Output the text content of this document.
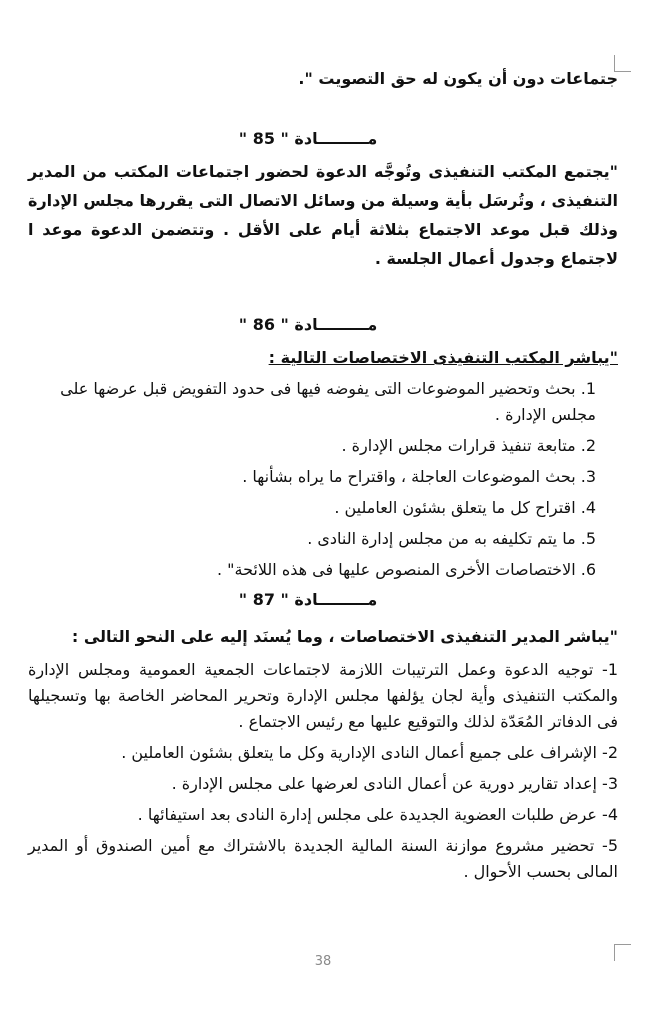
جتماعات دون أن يكون له حق التصويت ".

مـــــــــادة " 85 "

"يجتمع المكتب التنفيذى وتُوجَّه الدعوة لحضور اجتماعات المكتب من المدير التنفيذى ، وتُرسَل بأية وسيلة من وسائل الاتصال التى يقررها مجلس الإدارة وذلك قبل موعد الاجتماع بثلاثة أيام على الأقل . وتتضمن الدعوة موعد ا لاجتماع وجدول أعمال الجلسة .

مـــــــــادة " 86 "

"يباشر المكتب التنفيذى الاختصاصات التالية :

1. بحث وتحضير الموضوعات التى يفوضه فيها فى حدود التفويض قبل عرضها على مجلس الإدارة .
2. متابعة تنفيذ قرارات مجلس الإدارة .
3. بحث الموضوعات العاجلة ، واقتراح ما يراه بشأنها .
4. اقتراح كل ما يتعلق بشئون العاملين .
5. ما يتم تكليفه به من مجلس إدارة النادى .
6. الاختصاصات الأخرى المنصوص عليها فى هذه اللائحة" .

مـــــــــادة " 87 "

"يباشر المدير التنفيذى الاختصاصات ، وما يُسنَد إليه على النحو التالى :

1- توجيه الدعوة وعمل الترتيبات اللازمة لاجتماعات الجمعية العمومية ومجلس الإدارة والمكتب التنفيذى وأية لجان يؤلفها مجلس الإدارة وتحرير المحاضر الخاصة بها وتسجيلها فى الدفاتر المُعَدّة لذلك والتوقيع عليها مع رئيس الاجتماع .
2- الإشراف على جميع أعمال النادى الإدارية وكل ما يتعلق بشئون العاملين .
3- إعداد تقارير دورية عن أعمال النادى لعرضها على مجلس الإدارة .
4- عرض طلبات العضوية الجديدة على مجلس إدارة النادى بعد استيفائها .
5- تحضير مشروع موازنة السنة المالية الجديدة بالاشتراك مع أمين الصندوق أو المدير المالى بحسب الأحوال .
38
